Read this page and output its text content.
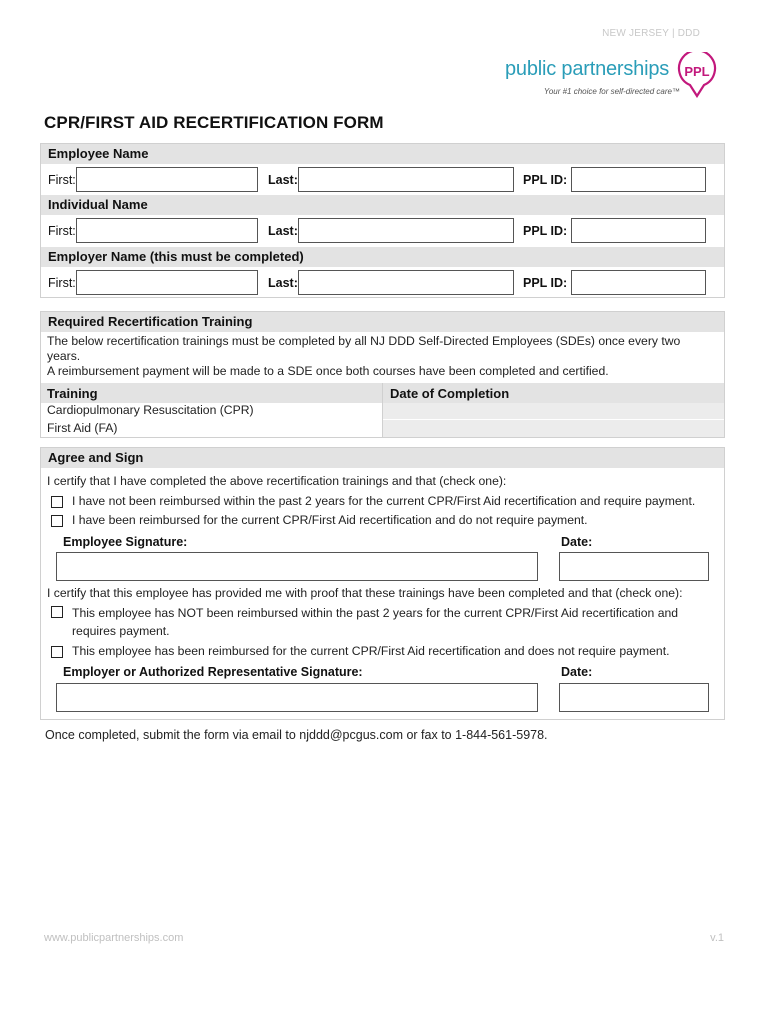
NEW JERSEY | DDD
public partnerships PPL
Your #1 choice for self-directed care™
CPR/FIRST AID RECERTIFICATION FORM
Employee Name
First:	Last:	PPL ID:
Individual Name
First:	Last:	PPL ID:
Employer Name (this must be completed)
First:	Last:	PPL ID:
Required Recertification Training
The below recertification trainings must be completed by all NJ DDD Self-Directed Employees (SDEs) once every two years.
A reimbursement payment will be made to a SDE once both courses have been completed and certified.
Training	Date of Completion
Cardiopulmonary Resuscitation (CPR)
First Aid (FA)
Agree and Sign
I certify that I have completed the above recertification trainings and that (check one):
I have not been reimbursed within the past 2 years for the current CPR/First Aid recertification and require payment.
I have been reimbursed for the current CPR/First Aid recertification and do not require payment.
Employee Signature:	Date:
I certify that this employee has provided me with proof that these trainings have been completed and that (check one):
This employee has NOT been reimbursed within the past 2 years for the current CPR/First Aid recertification and requires payment.
This employee has been reimbursed for the current CPR/First Aid recertification and does not require payment.
Employer or Authorized Representative Signature:	Date:
Once completed, submit the form via email to njddd@pcgus.com or fax to 1-844-561-5978.
www.publicpartnerships.com	v.1
